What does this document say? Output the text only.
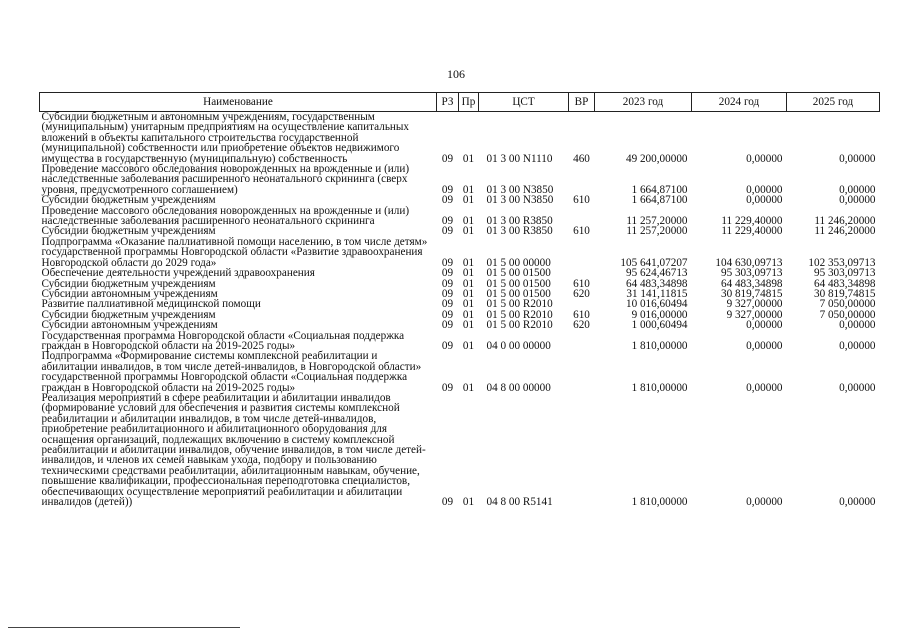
106
Наименование	РЗ	Пр	ЦСТ	ВР	2023 год	2024 год	2025 год
Субсидии бюджетным и автономным учреждениям, государственным (муниципальным) унитарным предприятиям на осуществление капитальных вложений в объекты капитального строительства государственной (муниципальной) собственности или приобретение объектов недвижимого имущества в государственную (муниципальную) собственность	09	01	01 3 00 N1110	460	49 200,00000	0,00000	0,00000
Проведение массового обследования новорожденных на врожденные и (или) наследственные заболевания расширенного неонатального скрининга (сверх уровня, предусмотренного соглашением)	09	01	01 3 00 N3850		1 664,87100	0,00000	0,00000
Субсидии бюджетным учреждениям	09	01	01 3 00 N3850	610	1 664,87100	0,00000	0,00000
Проведение массового обследования новорожденных на врожденные и (или) наследственные заболевания расширенного неонатального скрининга	09	01	01 3 00 R3850		11 257,20000	11 229,40000	11 246,20000
Субсидии бюджетным учреждениям	09	01	01 3 00 R3850	610	11 257,20000	11 229,40000	11 246,20000
Подпрограмма «Оказание паллиативной помощи населению, в том числе детям» государственной программы Новгородской области «Развитие здравоохранения Новгородской области до 2029 года»	09	01	01 5 00 00000		105 641,07207	104 630,09713	102 353,09713
Обеспечение деятельности учреждений здравоохранения	09	01	01 5 00 01500		95 624,46713	95 303,09713	95 303,09713
Субсидии бюджетным учреждениям	09	01	01 5 00 01500	610	64 483,34898	64 483,34898	64 483,34898
Субсидии автономным учреждениям	09	01	01 5 00 01500	620	31 141,11815	30 819,74815	30 819,74815
Развитие паллиативной медицинской помощи	09	01	01 5 00 R2010		10 016,60494	9 327,00000	7 050,00000
Субсидии бюджетным учреждениям	09	01	01 5 00 R2010	610	9 016,00000	9 327,00000	7 050,00000
Субсидии автономным учреждениям	09	01	01 5 00 R2010	620	1 000,60494	0,00000	0,00000
Государственная программа Новгородской области «Социальная поддержка граждан в Новгородской области на 2019-2025 годы»	09	01	04 0 00 00000		1 810,00000	0,00000	0,00000
Подпрограмма «Формирование системы комплексной реабилитации и абилитации инвалидов, в том числе детей-инвалидов, в Новгородской области» государственной программы Новгородской области «Социальная поддержка граждан в Новгородской области на 2019-2025 годы»	09	01	04 8 00 00000		1 810,00000	0,00000	0,00000
Реализация мероприятий в сфере реабилитации и абилитации инвалидов (формирование условий для обеспечения и развития системы комплексной реабилитации и абилитации инвалидов, в том числе детей-инвалидов, приобретение реабилитационного и абилитационного оборудования для оснащения организаций, подлежащих включению в систему комплексной реабилитации и абилитации инвалидов, обучение инвалидов, в том числе детей-инвалидов, и членов их семей навыкам ухода, подбору и пользованию техническими средствами реабилитации, абилитационным навыкам, обучение, повышение квалификации, профессиональная переподготовка специалистов, обеспечивающих осуществление мероприятий реабилитации и абилитации инвалидов (детей))	09	01	04 8 00 R5141		1 810,00000	0,00000	0,00000
